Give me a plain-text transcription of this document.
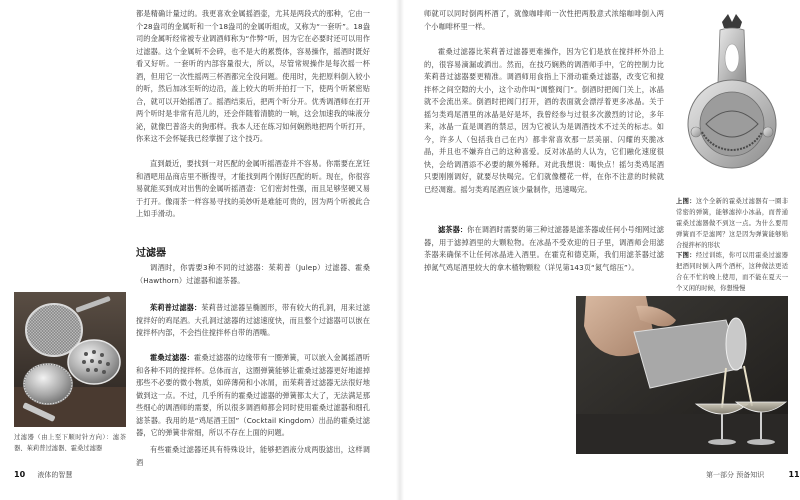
都是精确计量过的。我更喜欢金属摇酒壶，尤其是两段式的那种，它由一个28盎司的金属听和一个18盎司的金属听组成，又称为“一套听”。18盎司的金属听经常被专业调酒师称为“作弊”听，因为它在必要时还可以用作过滤器。这个金属听不会碎，也不是大的累赘体，容易操作，摇酒时既好看又好听。一套听的内部容量很大，所以，尽管常规操作是每次摇一杯酒，但用它一次性摇两三杯酒都完全没问题。使用时，先把原料倒入较小的听，然后加冰至听的边沿，盖上较大的听并拍打一下，使两个听紧密贴合，就可以开始摇酒了。摇酒结束后，把两个听分开。优秀调酒师在打开两个听时是非常有范儿的，还会伴随着清脆的一响，这会加速我的味液分泌，就像巴普洛夫的狗那样。我本人还在练习如何娴熟地把两个听打开，你来这不会怀疑我已经掌握了这个技巧。

直到最近，要找到一对匹配的金属听摇酒壶并不容易。你需要在烹饪和酒吧用品商店里不断搜寻，才能找到两个刚好匹配的听。现在，你很容易就能买到成对出售的金属听摇酒壶：它们密封性强，而且足够坚硬又易于打开。像雨茶一样容易寻找的美妙听是难能可贵的，因为两个听被此合上如手滑动。

过滤器

调酒时，你需要3种不同的过滤器：茱莉普（Julep）过滤器、霍桑（Hawthorn）过滤器和滤茶器。

茱莉普过滤器：茱莉普过滤器呈椭圆形，带有较大的孔洞，用来过滤搅拌好的鸡尾酒。大孔洞过滤器的过滤速度快，而且整个过滤器可以嵌在搅拌杯内部，不会挡住搅拌杯自带的酒嘴。

霍桑过滤器：霍桑过滤器的边缘带有一圈弹簧，可以嵌入金属摇酒听和各种不同的搅拌杯。总体而言，这圈弹簧能够让霍桑过滤器更好地滤掉那些不必要的微小物质，如碎薄荷和小冰屑，而茱莉普过滤器无法很好地做到这一点。不过，几乎所有的霍桑过滤器的弹簧都太大了，无法满足那些细心的调酒师的需要，所以很多调酒师都会同时使用霍桑过滤器和细孔滤茶器。我用的是“鸡尾酒王国”（Cocktail Kingdom）出品的霍桑过滤器，它的弹簧非常细，所以不存在上面的问题。

有些霍桑过滤器还具有特殊设计，能够把酒液分成两股滤出，这样调酒

过滤器（由上至下顺时针方向）：滤茶器、茱莉普过滤器、霍桑过滤器

10 液体的智慧

师就可以同时倒两杯酒了，就像咖啡师一次性把两股意式浓缩咖啡倒入两个小咖啡杯里一样。

霍桑过滤器比茱莉普过滤器更难操作，因为它们是放在搅拌杯外沿上的，很容易滴漏或洒出。然而，在技巧娴熟的调酒师手中，它的控制力比茱莉普过滤器要更精准。调酒师用食指上下滑动霍桑过滤器，改变它和搅拌杯之间空隙的大小，这个动作叫“调整阀门”。倒酒时把阀门关上，冰晶就不会流出来。倒酒时把阀门打开，酒的表面就会漂浮着更多冰晶。关于摇匀类鸡尾酒里的冰晶是好是坏，我曾经参与过很多次激烈的讨论，多年来，冰晶一直是调酒的禁忌，因为它被认为是调酒技术不过关的标志。如今，许多人（包括我自己在内）都非常喜欢那一层美丽、闪耀的夹脆冰晶，并且也不嫌弃自己的这种喜爱。反对冰晶的人认为，它们融化速度很快，会给调酒添不必要的额外稀释。对此我想说：喝快点！摇匀类鸡尾酒只要刚刚调好，就要尽快喝完。它们就像樱花一样，在你不注意的时候就已经凋谢。摇匀类鸡尾酒应该少量制作，迅速喝完。

滤茶器：你在调酒时需要的第三种过滤器是滤茶器或任何小号细网过滤器，用于滤掉酒里的大颗粒物。在冰晶不受欢迎的日子里，调酒师会用滤茶器来确保不让任何冰晶进入酒里。在霍克和德克斯，我们用滤茶器过滤掉氮气鸡尾酒里较大的拿木楂物颗粒（详见第143页“氮气熔压”）。

上图：这个全新的霍桑过滤器有一圈非常密的弹簧，能够滤掉小冰晶，而普通霍桑过滤器做不到这一点。为什么要用弹簧而不是滤网？这是因为弹簧能够贴合搅拌杯的形状

下图：经过训练，你可以用霍桑过滤器把酒同时倒入两个酒杯，这种做法更适合在不忙的晚上使用，而不能在夏天一个又闲的时候，你想慢慢

第一部分 预备知识	11
